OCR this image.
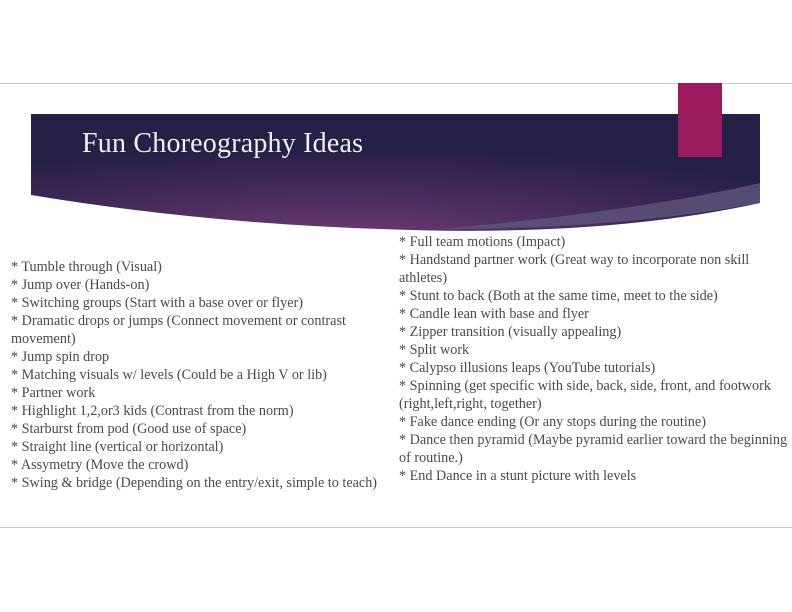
Fun Choreography Ideas
* Tumble through (Visual)
* Jump over (Hands-on)
* Switching groups (Start with a base over or flyer)
* Dramatic drops or jumps (Connect movement or contrast movement)
* Jump spin drop
* Matching visuals w/ levels (Could be a High V or lib)
* Partner work
* Highlight 1,2,or3 kids (Contrast from the norm)
* Starburst from pod (Good use of space)
* Straight line (vertical or horizontal)
* Assymetry (Move the crowd)
* Swing & bridge (Depending on the entry/exit, simple to teach)
* Full team motions (Impact)
* Handstand partner work (Great way to incorporate non skill athletes)
* Stunt to back (Both at the same time, meet to the side)
* Candle lean with base and flyer
* Zipper transition (visually appealing)
* Split work
* Calypso illusions leaps (YouTube tutorials)
* Spinning (get specific with side, back, side, front, and footwork (right,left,right, together)
* Fake dance ending (Or any stops during the routine)
* Dance then pyramid (Maybe pyramid earlier toward the beginning of routine.)
* End Dance in a stunt picture with levels
